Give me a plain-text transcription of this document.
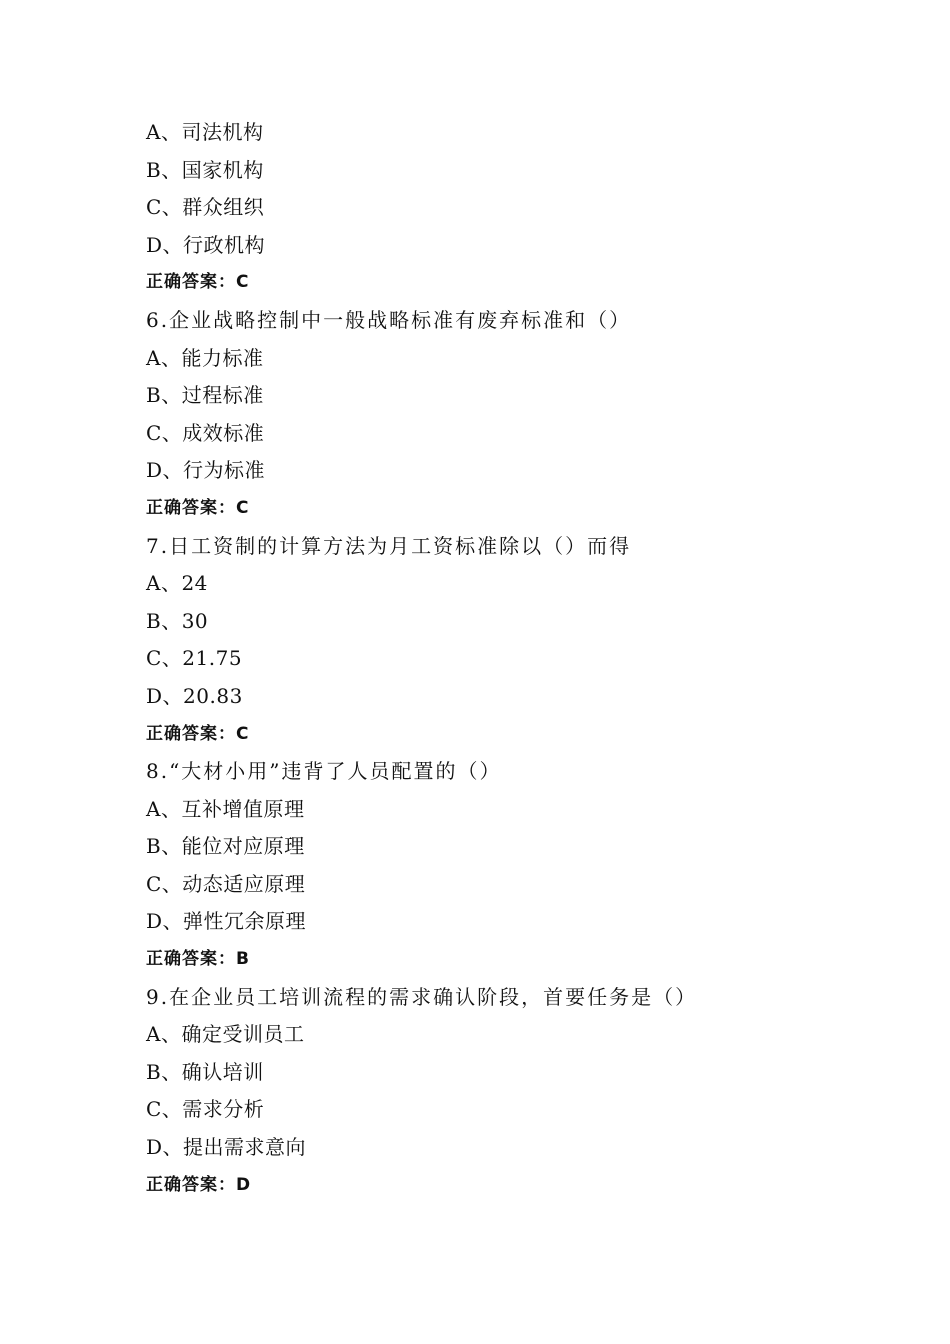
A、司法机构
B、国家机构
C、群众组织
D、行政机构
正确答案：C
6.企业战略控制中一般战略标准有废弃标准和（）
A、能力标准
B、过程标准
C、成效标准
D、行为标准
正确答案：C
7.日工资制的计算方法为月工资标准除以（）而得
A、24
B、30
C、21.75
D、20.83
正确答案：C
8.“大材小用”违背了人员配置的（）
A、互补增值原理
B、能位对应原理
C、动态适应原理
D、弹性冗余原理
正确答案：B
9.在企业员工培训流程的需求确认阶段，首要任务是（）
A、确定受训员工
B、确认培训
C、需求分析
D、提出需求意向
正确答案：D
